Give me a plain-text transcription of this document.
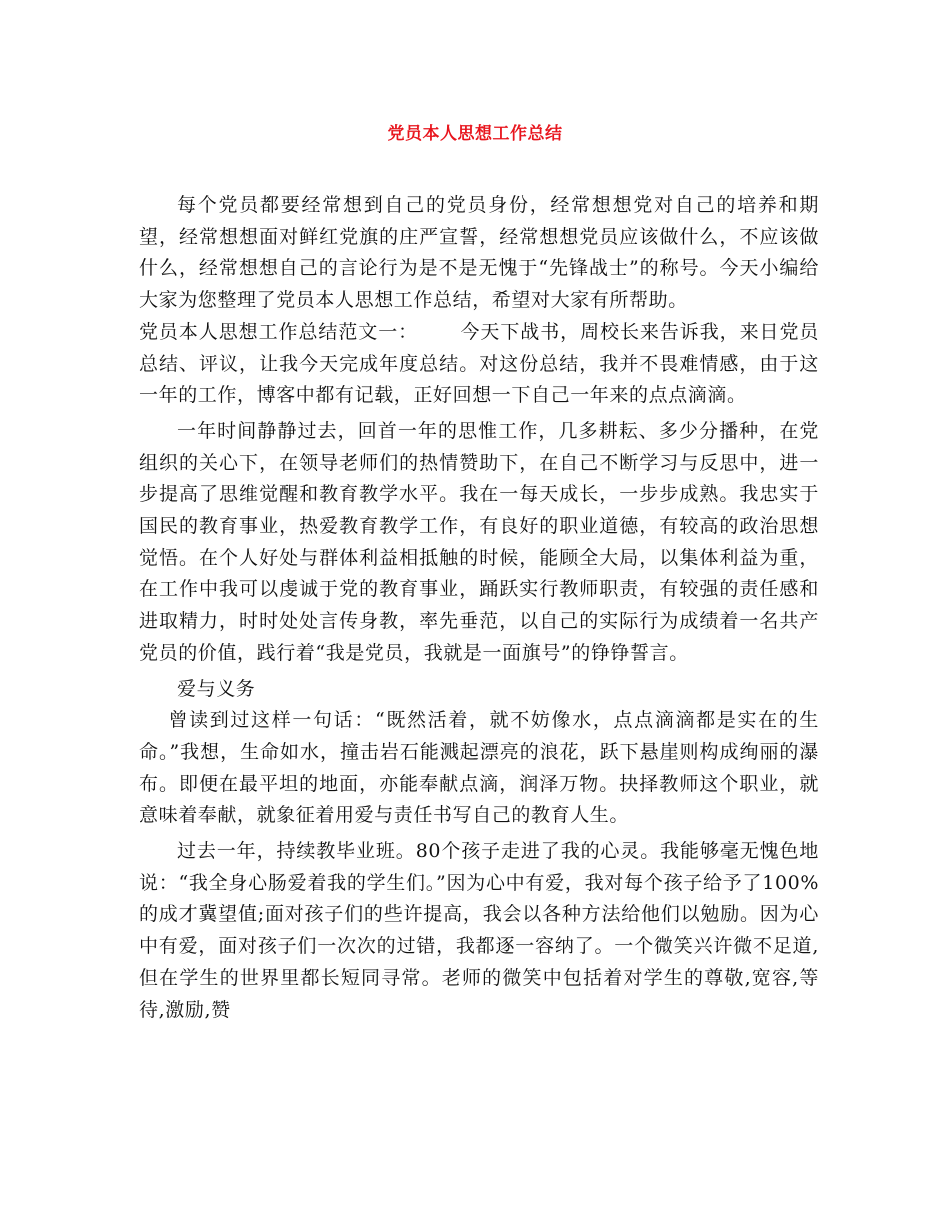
党员本人思想工作总结

每个党员都要经常想到自己的党员身份，经常想想党对自己的培养和期望，经常想想面对鲜红党旗的庄严宣誓，经常想想党员应该做什么，不应该做什么，经常想想自己的言论行为是不是无愧于“先锋战士”的称号。今天小编给大家为您整理了党员本人思想工作总结，希望对大家有所帮助。

党员本人思想工作总结范文一： 今天下战书，周校长来告诉我，来日党员总结、评议，让我今天完成年度总结。对这份总结，我并不畏难情感，由于这一年的工作，博客中都有记载，正好回想一下自己一年来的点点滴滴。

一年时间静静过去，回首一年的思惟工作，几多耕耘、多少分播种，在党组织的关心下，在领导老师们的热情赞助下，在自己不断学习与反思中，进一步提高了思维觉醒和教育教学水平。我在一每天成长，一步步成熟。我忠实于国民的教育事业，热爱教育教学工作，有良好的职业道德，有较高的政治思想觉悟。在个人好处与群体利益相抵触的时候，能顾全大局，以集体利益为重，在工作中我可以虔诚于党的教育事业，踊跃实行教师职责，有较强的责任感和进取精力，时时处处言传身教，率先垂范，以自己的实际行为成绩着一名共产党员的价值，践行着“我是党员，我就是一面旗号”的铮铮誓言。

爱与义务

曾读到过这样一句话：“既然活着，就不妨像水，点点滴滴都是实在的生命。”我想，生命如水，撞击岩石能溅起漂亮的浪花，跃下悬崖则构成绚丽的瀑布。即便在最平坦的地面，亦能奉献点滴，润泽万物。抉择教师这个职业，就意味着奉献，就象征着用爱与责任书写自己的教育人生。

过去一年，持续教毕业班。80个孩子走进了我的心灵。我能够毫无愧色地说：“我全身心肠爱着我的学生们。”因为心中有爱，我对每个孩子给予了100%的成才冀望值;面对孩子们的些许提高，我会以各种方法给他们以勉励。因为心中有爱，面对孩子们一次次的过错，我都逐一容纳了。一个微笑兴许微不足道,但在学生的世界里都长短同寻常。老师的微笑中包括着对学生的尊敬,宽容,等待,激励,赞
